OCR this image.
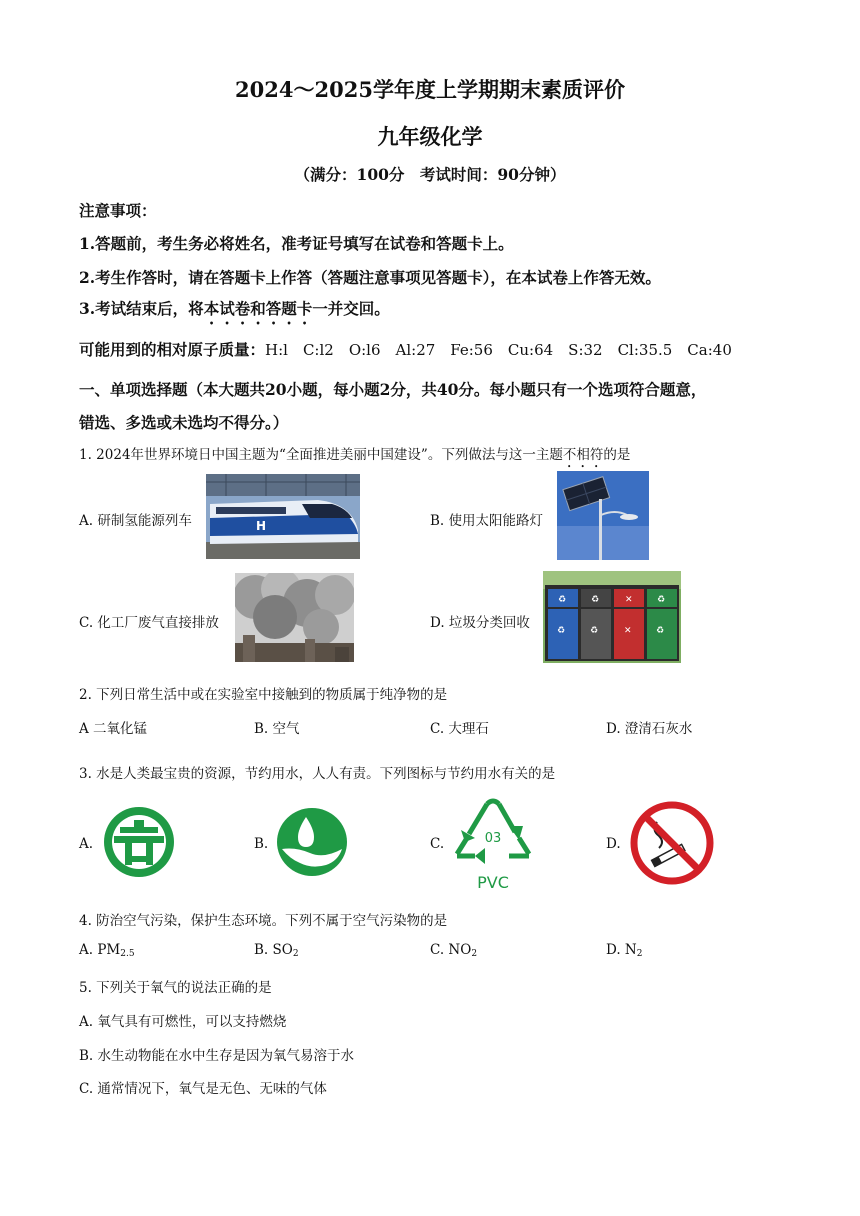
2024～2025学年度上学期期末素质评价
九年级化学
（满分：100分　考试时间：90分钟）
注意事项：
1.答题前，考生务必将姓名，准考证号填写在试卷和答题卡上。
2.考生作答时，请在答题卡上作答（答题注意事项见答题卡），在本试卷上作答无效。
3.考试结束后，将本试卷和答题卡一并交回。
可能用到的相对原子质量：H:l　C:l2　O:l6　Al:27　Fe:56　Cu:64　S:32　Cl:35.5　Ca:40
一、单项选择题（本大题共20小题，每小题2分，共40分。每小题只有一个选项符合题意，
错选、多选或未选均不得分。）
1. 2024年世界环境日中国主题为“全面推进美丽中国建设”。下列做法与这一主题不相符的是
A. 研制氢能源列车	H	B. 使用太阳能路灯
C. 化工厂废气直接排放	D. 垃圾分类回收
♻	♻	✕	♻
♻	♻	✕	♻
2. 下列日常生活中或在实验室中接触到的物质属于纯净物的是
A 二氧化锰	B. 空气	C. 大理石	D. 澄清石灰水
3. 水是人类最宝贵的资源，节约用水，人人有责。下列图标与节约用水有关的是
A.	B.	C.	03
PVC
D.
4. 防治空气污染，保护生态环境。下列不属于空气污染物的是
A. $PM_{2.5}$	B. $SO_2$	C. $NO_2$	D. $N_2$
5. 下列关于氧气的说法正确的是
A. 氧气具有可燃性，可以支持燃烧
B. 水生动物能在水中生存是因为氧气易溶于水
C. 通常情况下，氧气是无色、无味的气体
